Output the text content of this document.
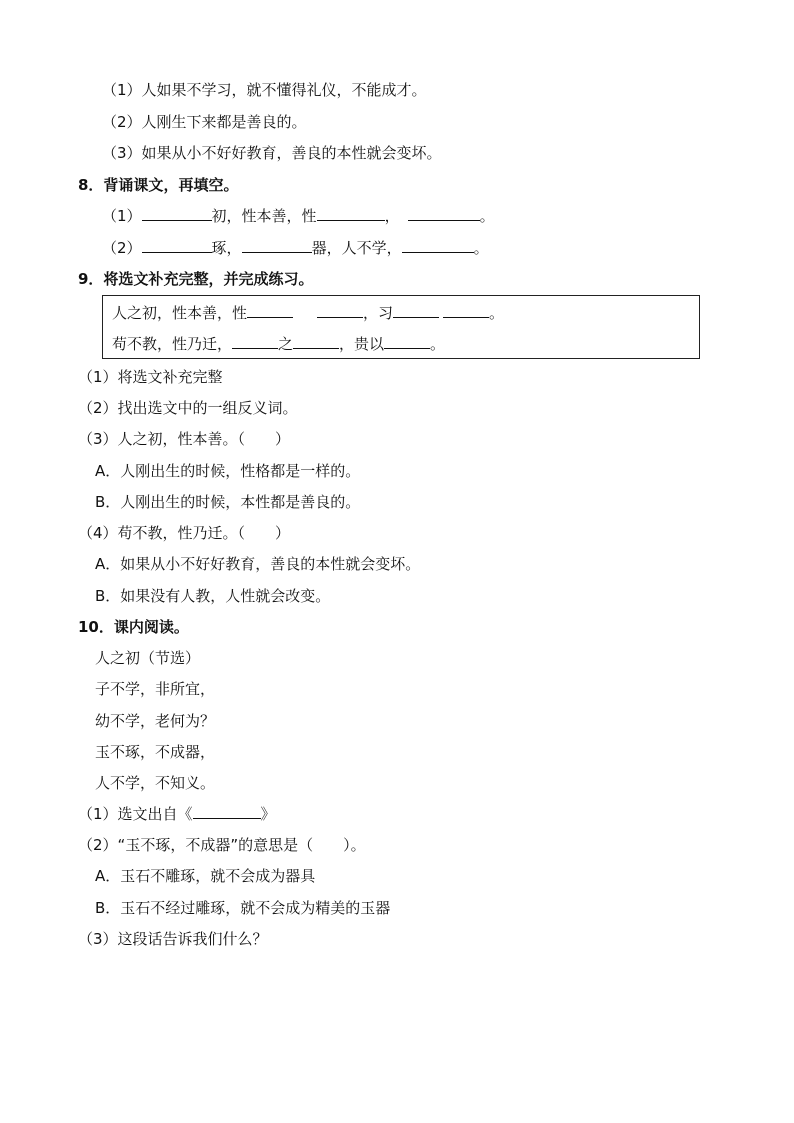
（1）人如果不学习，就不懂得礼仪，不能成才。
（2）人刚生下来都是善良的。
（3）如果从小不好好教育，善良的本性就会变坏。
8．背诵课文，再填空。
（1）	初，性本善，性	，	。
（2）	琢，	器，人不学，	。
9．将选文补充完整，并完成练习。
人之初，性本善，性	，习	。
苟不教，性乃迁，	之	，贵以	。
（1）将选文补充完整
（2）找出选文中的一组反义词。
（3）人之初，性本善。（　　）
A．人刚出生的时候，性格都是一样的。
B．人刚出生的时候，本性都是善良的。
（4）苟不教，性乃迁。（　　）
A．如果从小不好好教育，善良的本性就会变坏。
B．如果没有人教，人性就会改变。
10．课内阅读。
人之初（节选）
子不学，非所宜，
幼不学，老何为？
玉不琢，不成器，
人不学，不知义。
（1）选文出自《	》
（2）“玉不琢，不成器”的意思是（　　）。
A．玉石不雕琢，就不会成为器具
B．玉石不经过雕琢，就不会成为精美的玉器
（3）这段话告诉我们什么？
